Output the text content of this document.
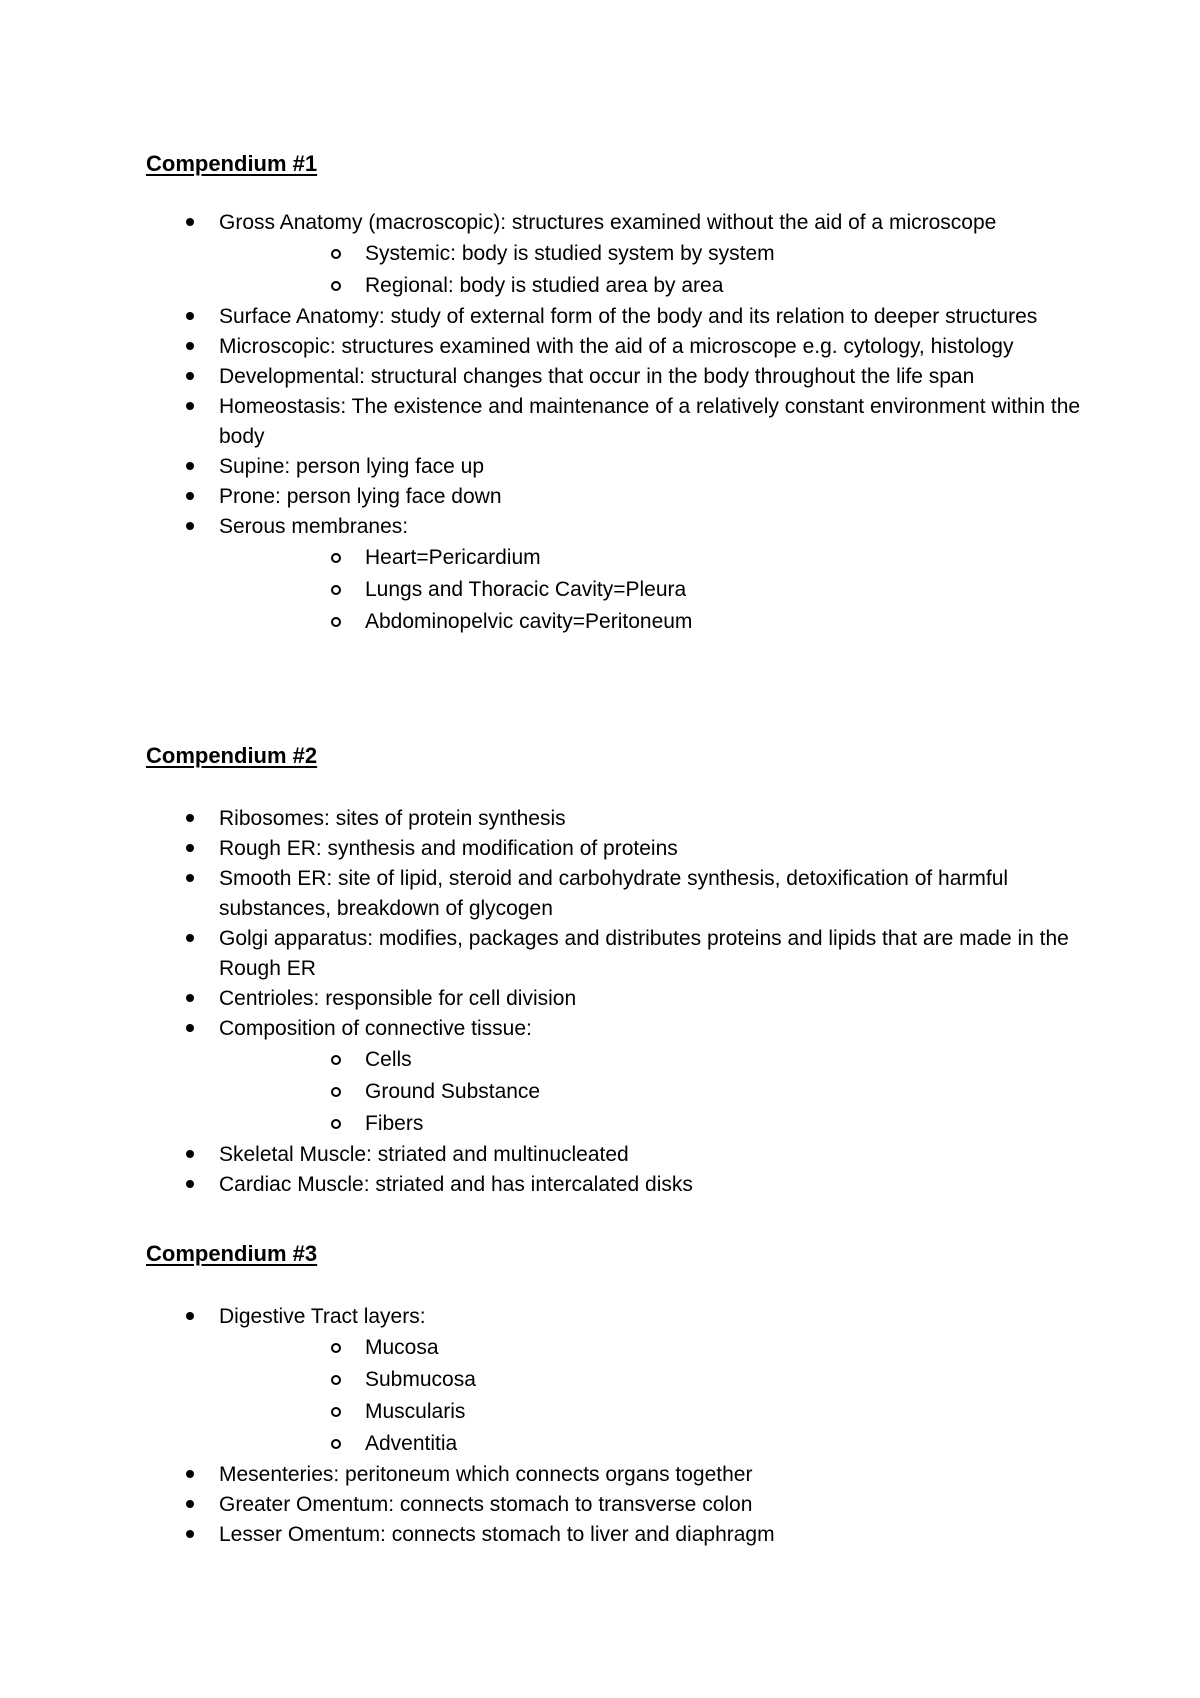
Compendium #1
Gross Anatomy (macroscopic): structures examined without the aid of a microscope
Systemic: body is studied system by system
Regional: body is studied area by area
Surface Anatomy: study of external form of the body and its relation to deeper structures
Microscopic: structures examined with the aid of a microscope e.g. cytology, histology
Developmental: structural changes that occur in the body throughout the life span
Homeostasis: The existence and maintenance of a relatively constant environment within the body
Supine: person lying face up
Prone: person lying face down
Serous membranes:
Heart=Pericardium
Lungs and Thoracic Cavity=Pleura
Abdominopelvic cavity=Peritoneum
Compendium #2
Ribosomes: sites of protein synthesis
Rough ER: synthesis and modification of proteins
Smooth ER: site of lipid, steroid and carbohydrate synthesis, detoxification of harmful substances, breakdown of glycogen
Golgi apparatus: modifies, packages and distributes proteins and lipids that are made in the Rough ER
Centrioles: responsible for cell division
Composition of connective tissue:
Cells
Ground Substance
Fibers
Skeletal Muscle: striated and multinucleated
Cardiac Muscle: striated and has intercalated disks
Compendium #3
Digestive Tract layers:
Mucosa
Submucosa
Muscularis
Adventitia
Mesenteries: peritoneum which connects organs together
Greater Omentum: connects stomach to transverse colon
Lesser Omentum: connects stomach to liver and diaphragm
